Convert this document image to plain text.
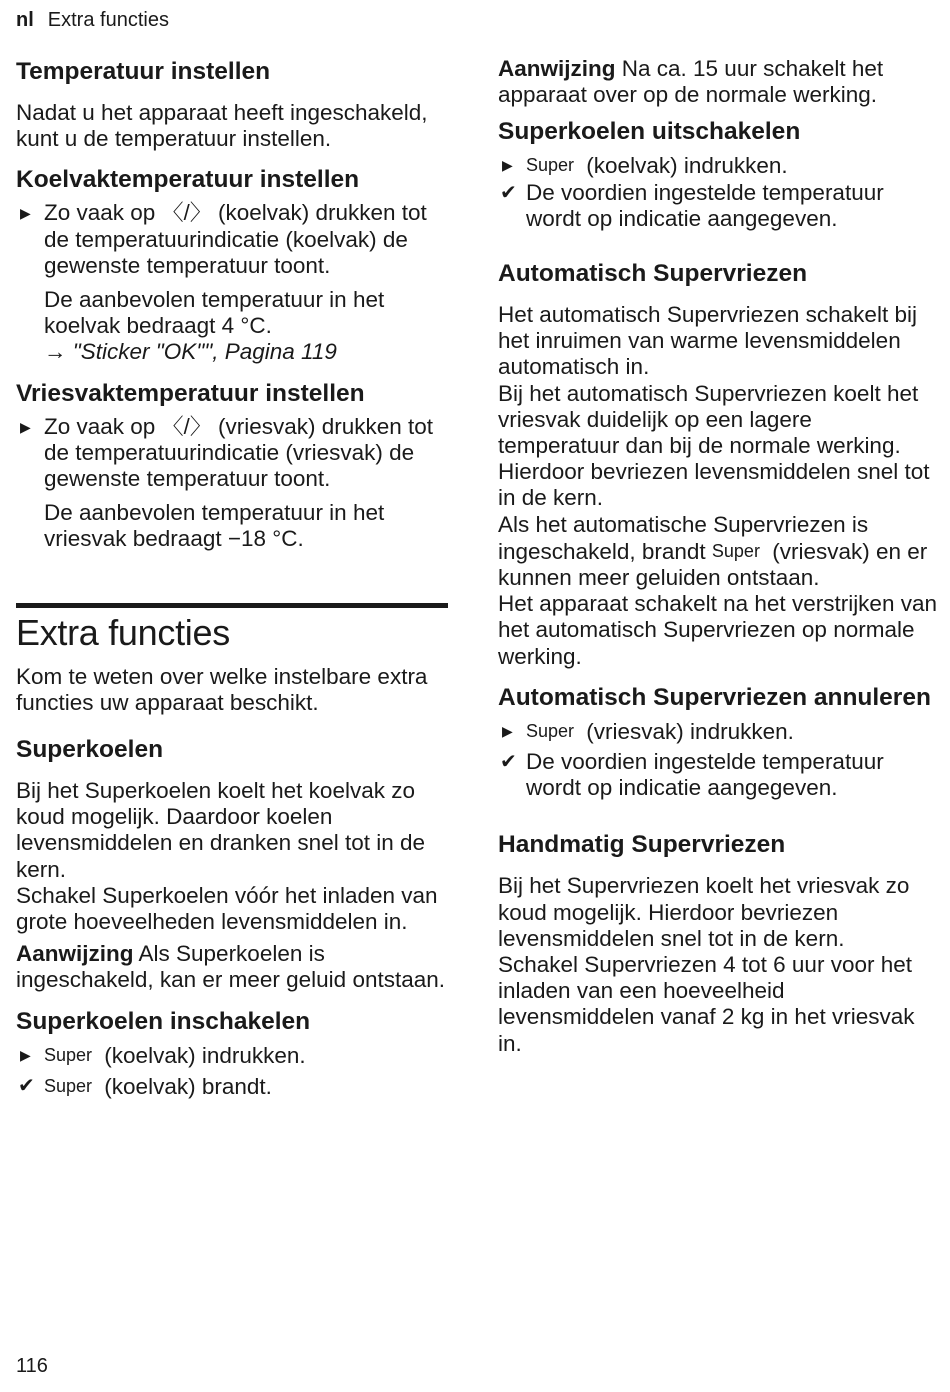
nl Extra functies
Temperatuur instellen

Nadat u het apparaat heeft ingeschakeld, kunt u de temperatuur instellen.

Koelvaktemperatuur instellen
▶ Zo vaak op 〈/〉 (koelvak) drukken tot de temperatuurindicatie (koelvak) de gewenste temperatuur toont.

De aanbevolen temperatuur in het koelvak bedraagt 4 °C.

→ "Sticker "OK"", Pagina 119

Vriesvaktemperatuur instellen
▶ Zo vaak op 〈/〉 (vriesvak) drukken tot de temperatuurindicatie (vriesvak) de gewenste temperatuur toont.

De aanbevolen temperatuur in het vriesvak bedraagt −18 °C.

Extra functies

Kom te weten over welke instelbare extra functies uw apparaat beschikt.

Superkoelen

Bij het Superkoelen koelt het koelvak zo koud mogelijk. Daardoor koelen levensmiddelen en dranken snel tot in de kern.

Schakel Superkoelen vóór het inladen van grote hoeveelheden levensmiddelen in.

Aanwijzing Als Superkoelen is ingeschakeld, kan er meer geluid ontstaan.

Superkoelen inschakelen
▶ Super (koelvak) indrukken.
✔ Super (koelvak) brandt.

Aanwijzing Na ca. 15 uur schakelt het apparaat over op de normale werking.

Superkoelen uitschakelen
▶ Super (koelvak) indrukken.
✔ De voordien ingestelde temperatuur wordt op indicatie aangegeven.
Automatisch Supervriezen

Het automatisch Supervriezen schakelt bij het inruimen van warme levensmiddelen automatisch in.

Bij het automatisch Supervriezen koelt het vriesvak duidelijk op een lagere temperatuur dan bij de normale werking. Hierdoor bevriezen levensmiddelen snel tot in de kern.

Als het automatische Supervriezen is ingeschakeld, brandt Super (vriesvak) en er kunnen meer geluiden ontstaan.

Het apparaat schakelt na het verstrijken van het automatisch Supervriezen op normale werking.

Automatisch Supervriezen annuleren
▶ Super (vriesvak) indrukken.
✔ De voordien ingestelde temperatuur wordt op indicatie aangegeven.
Handmatig Supervriezen

Bij het Supervriezen koelt het vriesvak zo koud mogelijk. Hierdoor bevriezen levensmiddelen snel tot in de kern.

Schakel Supervriezen 4 tot 6 uur voor het inladen van een hoeveelheid levensmiddelen vanaf 2 kg in het vriesvak in.

116
